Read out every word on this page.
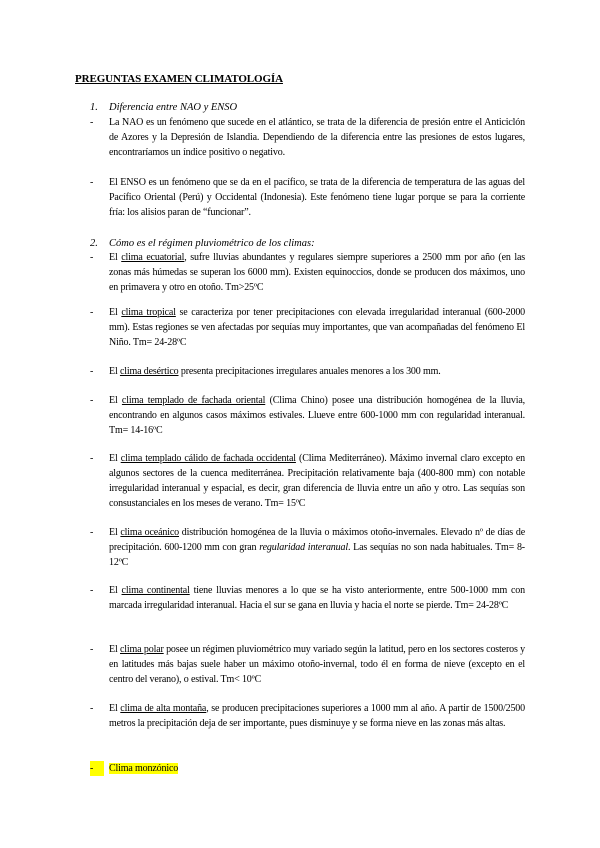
PREGUNTAS EXAMEN CLIMATOLOGÍA
1. Diferencia entre NAO y ENSO
- La NAO es un fenómeno que sucede en el atlántico, se trata de la diferencia de presión entre el Anticiclón de Azores y la Depresión de Islandia. Dependiendo de la diferencia entre las presiones de estos lugares, encontraríamos un índice positivo o negativo.
- El ENSO es un fenómeno que se da en el pacífico, se trata de la diferencia de temperatura de las aguas del Pacífico Oriental (Perú) y Occidental (Indonesia). Este fenómeno tiene lugar porque se para la corriente fría: los alisios paran de “funcionar”.
2. Cómo es el régimen pluviométrico de los climas:
- El clima ecuatorial, sufre lluvias abundantes y regulares siempre superiores a 2500 mm por año (en las zonas más húmedas se superan los 6000 mm). Existen equinoccios, donde se producen dos máximos, uno en primavera y otro en otoño. Tm>25ºC
- El clima tropical se caracteriza por tener precipitaciones con elevada irregularidad interanual (600-2000 mm). Estas regiones se ven afectadas por sequías muy importantes, que van acompañadas del fenómeno El Niño. Tm= 24-28ºC
- El clima desértico presenta precipitaciones irregulares anuales menores a los 300 mm.
- El clima templado de fachada oriental (Clima Chino) posee una distribución homogénea de la lluvia, encontrando en algunos casos máximos estivales. Llueve entre 600-1000 mm con regularidad interanual. Tm= 14-16ºC
- El clima templado cálido de fachada occidental (Clima Mediterráneo). Máximo invernal claro excepto en algunos sectores de la cuenca mediterránea. Precipitación relativamente baja (400-800 mm) con notable irregularidad interanual y espacial, es decir, gran diferencia de lluvia entre un año y otro. Las sequías son consustanciales en los meses de verano. Tm= 15ºC
- El clima oceánico distribución homogénea de la lluvia o máximos otoño-invernales. Elevado nº de días de precipitación. 600-1200 mm con gran regularidad interanual. Las sequías no son nada habituales. Tm= 8-12ºC
- El clima continental tiene lluvias menores a lo que se ha visto anteriormente, entre 500-1000 mm con marcada irregularidad interanual. Hacia el sur se gana en lluvia y hacia el norte se pierde. Tm= 24-28ºC
- El clima polar posee un régimen pluviométrico muy variado según la latitud, pero en los sectores costeros y en latitudes más bajas suele haber un máximo otoño-invernal, todo él en forma de nieve (excepto en el centro del verano), o estival. Tm< 10ºC
- El clima de alta montaña, se producen precipitaciones superiores a 1000 mm al año. A partir de 1500/2500 metros la precipitación deja de ser importante, pues disminuye y se forma nieve en las zonas más altas.
-	Clima monzónico
